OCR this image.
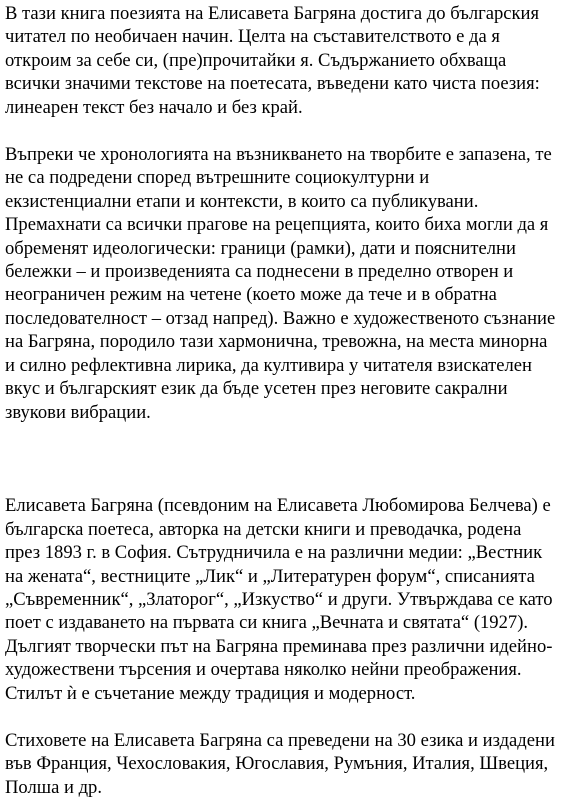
В тази книга поезията на Елисавета Багряна достига до българския
читател по необичаен начин. Целта на съставителството е да я
откроим за себе си, (пре)прочитайки я. Съдържанието обхваща
всички значими текстове на поетесата, въведени като чиста поезия:
линеарен текст без начало и без край.

Въпреки че хронологията на възникването на творбите е запазена, те
не са подредени според вътрешните социокултурни и
екзистенциални етапи и контексти, в които са публикувани.
Премахнати са всички прагове на рецепцията, които биха могли да я
обременят идеологически: граници (рамки), дати и пояснителни
бележки – и произведенията са поднесени в пределно отворен и
неограничен режим на четене (което може да тече и в обратна
последователност – отзад напред). Важно е художественото съзнание
на Багряна, породило тази хармонична, тревожна, на места минорна
и силно рефлективна лирика, да култивира у читателя взискателен
вкус и българският език да бъде усетен през неговите сакрални
звукови вибрации.

Елисавета Багряна (псевдоним на Елисавета Любомирова Белчева) е
българска поетеса, авторка на детски книги и преводачка, родена
през 1893 г. в София. Сътрудничила е на различни медии: „Вестник
на жената“, вестниците „Лик“ и „Литературен форум“, списанията
„Съвременник“, „Златорог“, „Изкуство“ и други. Утвърждава се като
поет с издаването на първата си книга „Вечната и святата“ (1927).
Дългият творчески път на Багряна преминава през различни идейно-
художествени търсения и очертава няколко нейни преображения.
Стилът ѝ е съчетание между традиция и модерност.

Стиховете на Елисавета Багряна са преведени на 30 езика и издадени
във Франция, Чехословакия, Югославия, Румъния, Италия, Швеция,
Полша и др.
